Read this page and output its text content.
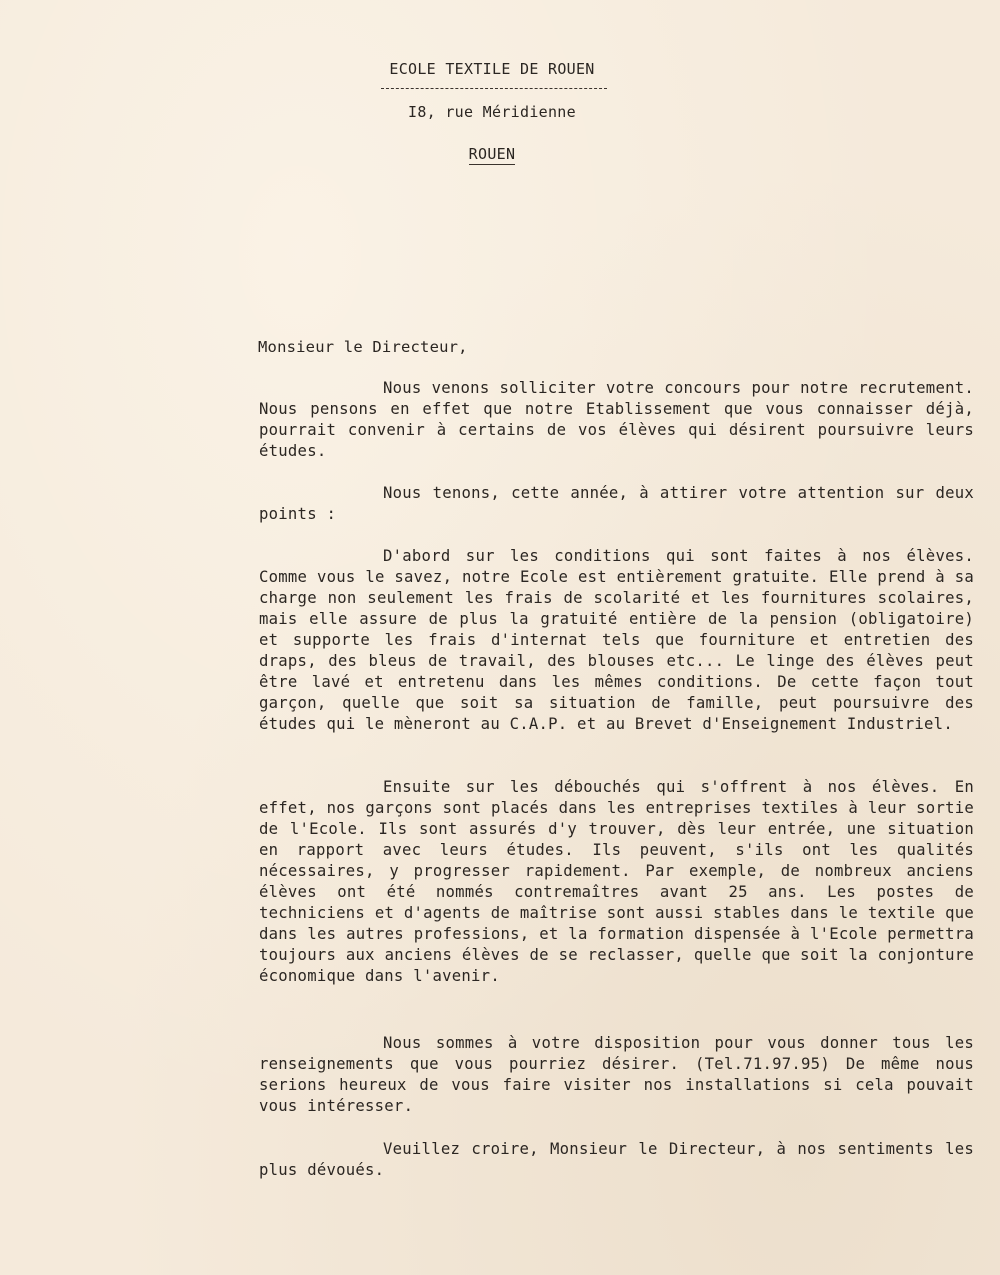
ECOLE TEXTILE DE ROUEN
I8, rue Méridienne
ROUEN
Monsieur le Directeur,

Nous venons solliciter votre concours pour notre recrutement. Nous pensons en effet que notre Etablissement que vous connaisser déjà, pourrait convenir à certains de vos élèves qui désirent poursuivre leurs études.

Nous tenons, cette année, à attirer votre attention sur deux points :

D'abord sur les conditions qui sont faites à nos élèves. Comme vous le savez, notre Ecole est entièrement gratuite. Elle prend à sa charge non seulement les frais de scolarité et les fournitures scolaires, mais elle assure de plus la gratuité entière de la pension (obligatoire) et supporte les frais d'internat tels que fourniture et entretien des draps, des bleus de travail, des blouses etc... Le linge des élèves peut être lavé et entretenu dans les mêmes conditions. De cette façon tout garçon, quelle que soit sa situation de famille, peut poursuivre des études qui le mèneront au C.A.P. et au Brevet d'Enseignement Industriel.

Ensuite sur les débouchés qui s'offrent à nos élèves. En effet, nos garçons sont placés dans les entreprises textiles à leur sortie de l'Ecole. Ils sont assurés d'y trouver, dès leur entrée, une situation en rapport avec leurs études. Ils peuvent, s'ils ont les qualités nécessaires, y progresser rapidement. Par exemple, de nombreux anciens élèves ont été nommés contremaîtres avant 25 ans. Les postes de techniciens et d'agents de maîtrise sont aussi stables dans le textile que dans les autres professions, et la formation dispensée à l'Ecole permettra toujours aux anciens élèves de se reclasser, quelle que soit la conjonture économique dans l'avenir.

Nous sommes à votre disposition pour vous donner tous les renseignements que vous pourriez désirer. (Tel.71.97.95) De même nous serions heureux de vous faire visiter nos installations si cela pouvait vous intéresser.

Veuillez croire, Monsieur le Directeur, à nos sentiments les plus dévoués.
